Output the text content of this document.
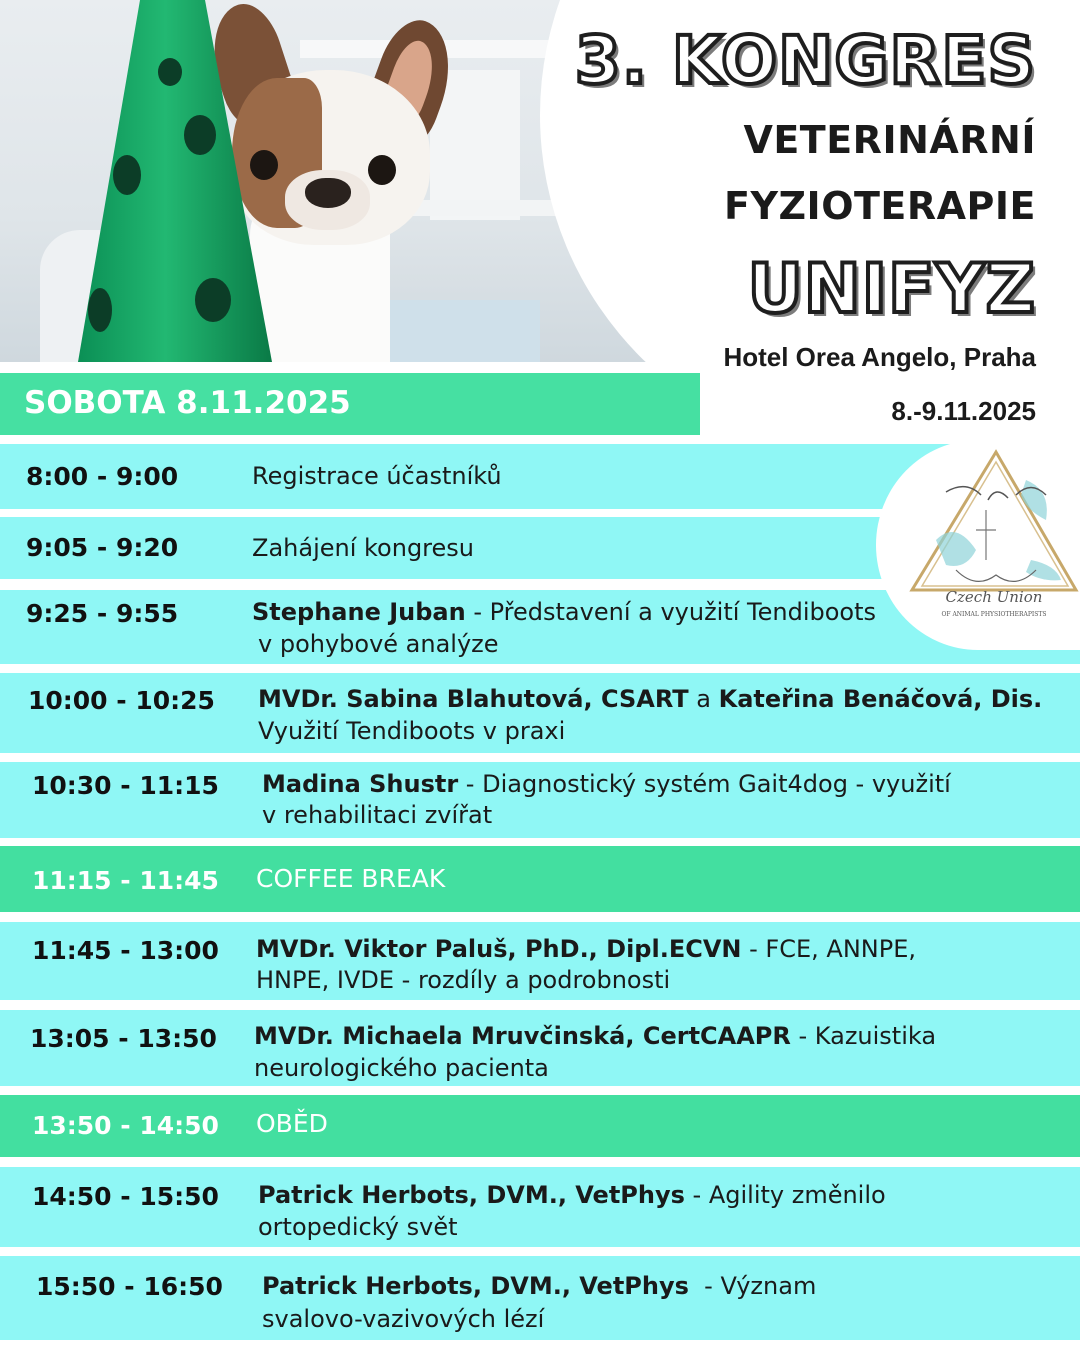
3. KONGRES
VETERINÁRNÍ
FYZIOTERAPIE
UNIFYZ
Hotel Orea Angelo, Praha
8.-9.11.2025
SOBOTA 8.11.2025
8:00 - 9:00	Registrace účastníků
9:05 - 9:20	Zahájení kongresu
9:25 - 9:55	Stephane Juban - Představení a využití Tendiboots
v pohybové analýze
10:00 - 10:25 MVDr. Sabina Blahutová, CSART a Kateřina Benáčová, Dis.
Využití Tendiboots v praxi
10:30 - 11:15 Madina Shustr - Diagnostický systém Gait4dog - využití
v rehabilitaci zvířat
11:15 - 11:45 COFFEE BREAK
11:45 - 13:00 MVDr. Viktor Paluš, PhD., Dipl.ECVN - FCE, ANNPE,
HNPE, IVDE - rozdíly a podrobnosti
13:05 - 13:50 MVDr. Michaela Mruvčinská, CertCAAPR - Kazuistika
neurologického pacienta
13:50 - 14:50 OBĚD
14:50 - 15:50 Patrick Herbots, DVM., VetPhys - Agility změnilo
ortopedický svět
15:50 - 16:50 Patrick Herbots, DVM., VetPhys  - Význam
svalovo-vazivových lézí
Czech Union
OF ANIMAL PHYSIOTHERAPISTS
